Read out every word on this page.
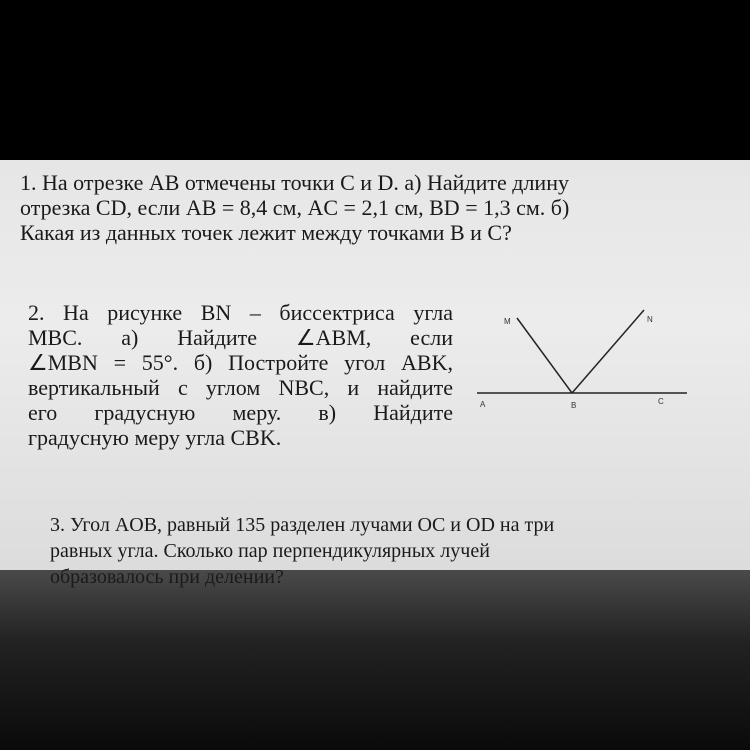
1. На отрезке AB отмечены точки C и D. а) Найдите длину
отрезка CD, если AB = 8,4 см, AC = 2,1 см, BD = 1,3 см. б)
Какая из данных точек лежит между точками B и C?
2. На рисунке BN – биссектриса угла
MBC. а) Найдите ∠ABM, если
∠MBN = 55°. б) Постройте угол ABK,
вертикальный с углом NBC, и найдите
его градусную меру. в) Найдите
градусную меру угла CBK.
M	N
A	B	C
3. Угол AOB, равный 135 разделен лучами OC и OD на три
равных угла. Сколько пар перпендикулярных лучей
образовалось при делении?
